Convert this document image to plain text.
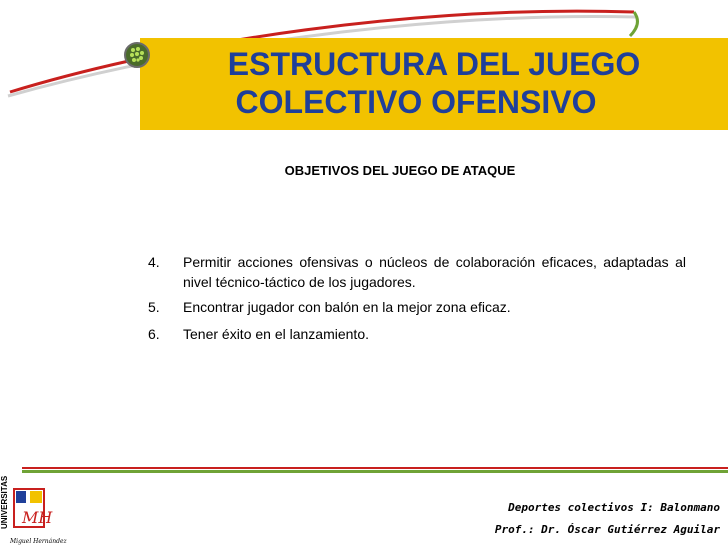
ESTRUCTURA DEL JUEGO
COLECTIVO OFENSIVO
OBJETIVOS DEL JUEGO DE ATAQUE
4. Permitir acciones ofensivas o núcleos de colaboración eficaces, adaptadas al nivel técnico-táctico de los jugadores.
5. Encontrar jugador con balón en la mejor zona eficaz.
6. Tener éxito en el lanzamiento.
UNIVERSITAS MH
Miguel Hernández
Deportes colectivos I: Balonmano
Prof.: Dr. Óscar Gutiérrez Aguilar
